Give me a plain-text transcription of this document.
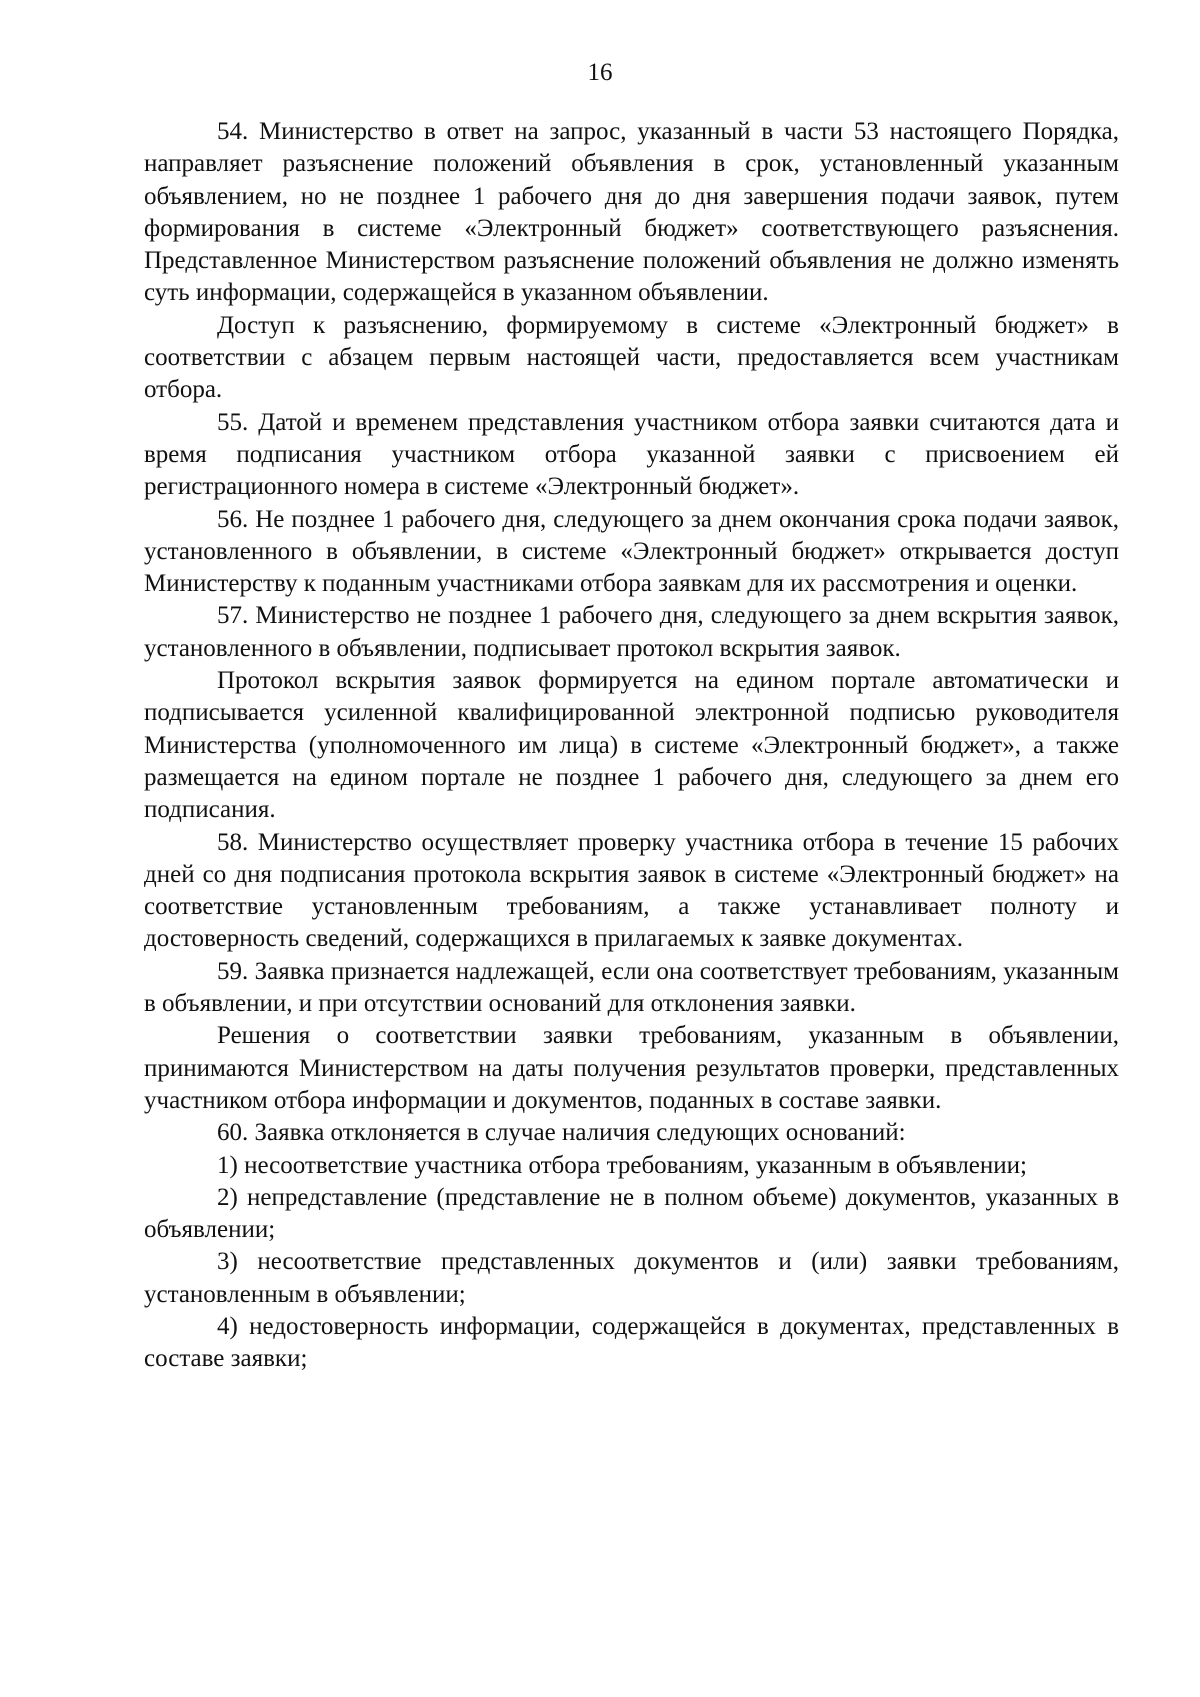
16

54. Министерство в ответ на запрос, указанный в части 53 настоящего Порядка, направляет разъяснение положений объявления в срок, установленный указанным объявлением, но не позднее 1 рабочего дня до дня завершения подачи заявок, путем формирования в системе «Электронный бюджет» соответствующего разъяснения. Представленное Министерством разъяснение положений объявления не должно изменять суть информации, содержащейся в указанном объявлении.

Доступ к разъяснению, формируемому в системе «Электронный бюджет» в соответствии с абзацем первым настоящей части, предоставляется всем участникам отбора.

55. Датой и временем представления участником отбора заявки считаются дата и время подписания участником отбора указанной заявки с присвоением ей регистрационного номера в системе «Электронный бюджет».

56. Не позднее 1 рабочего дня, следующего за днем окончания срока подачи заявок, установленного в объявлении, в системе «Электронный бюджет» открывается доступ Министерству к поданным участниками отбора заявкам для их рассмотрения и оценки.

57. Министерство не позднее 1 рабочего дня, следующего за днем вскрытия заявок, установленного в объявлении, подписывает протокол вскрытия заявок.

Протокол вскрытия заявок формируется на едином портале автоматически и подписывается усиленной квалифицированной электронной подписью руководителя Министерства (уполномоченного им лица) в системе «Электронный бюджет», а также размещается на едином портале не позднее 1 рабочего дня, следующего за днем его подписания.

58. Министерство осуществляет проверку участника отбора в течение 15 рабочих дней со дня подписания протокола вскрытия заявок в системе «Электронный бюджет» на соответствие установленным требованиям, а также устанавливает полноту и достоверность сведений, содержащихся в прилагаемых к заявке документах.

59. Заявка признается надлежащей, если она соответствует требованиям, указанным в объявлении, и при отсутствии оснований для отклонения заявки.

Решения о соответствии заявки требованиям, указанным в объявлении, принимаются Министерством на даты получения результатов проверки, представленных участником отбора информации и документов, поданных в составе заявки.

60. Заявка отклоняется в случае наличия следующих оснований:

1) несоответствие участника отбора требованиям, указанным в объявлении;

2) непредставление (представление не в полном объеме) документов, указанных в объявлении;

3) несоответствие представленных документов и (или) заявки требованиям, установленным в объявлении;

4) недостоверность информации, содержащейся в документах, представленных в составе заявки;
